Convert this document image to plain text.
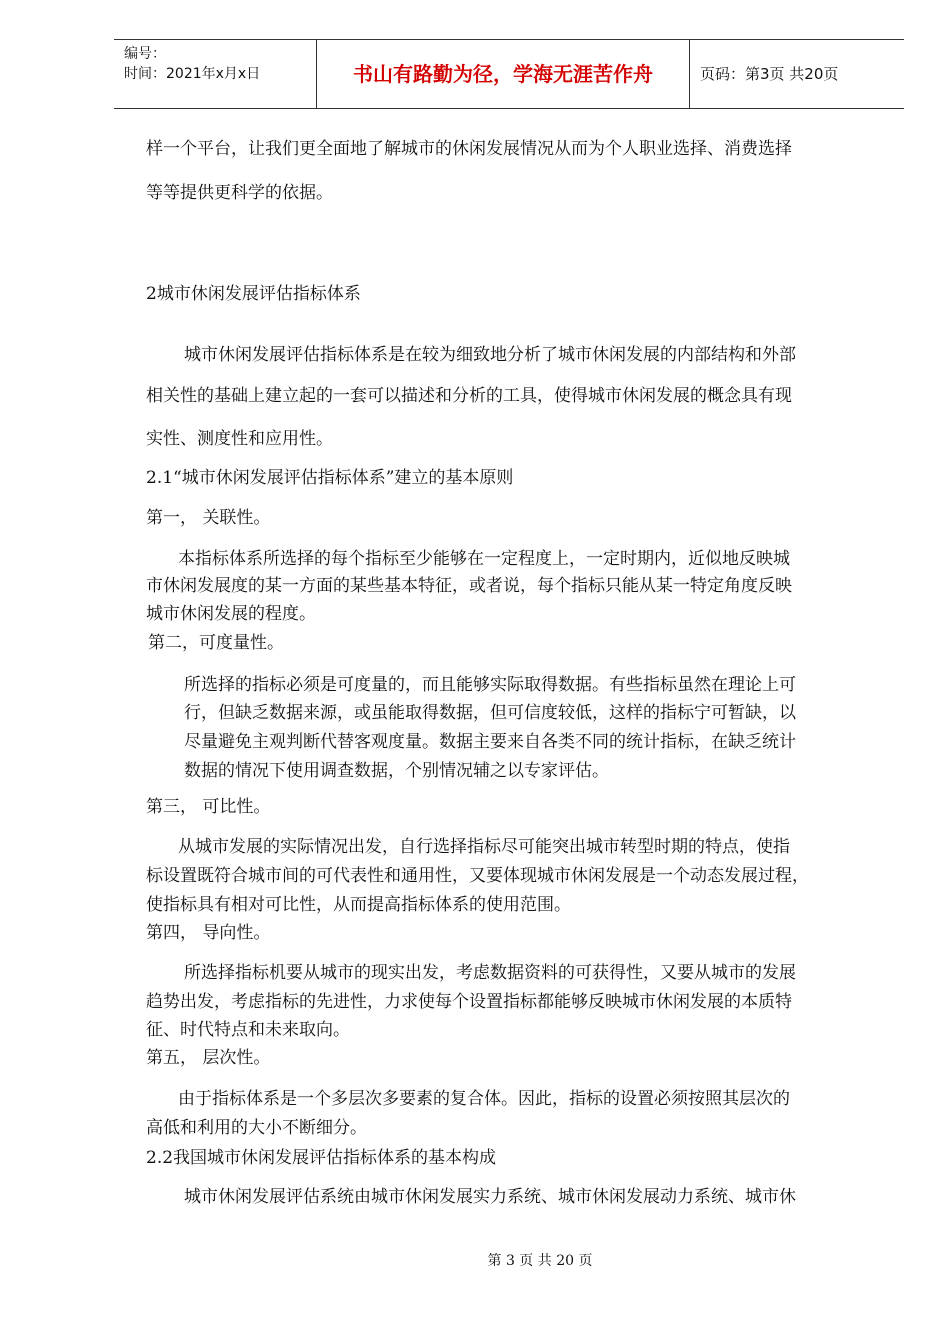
编号：
时间：2021年x月x日	书山有路勤为径，学海无涯苦作舟	页码：第3页 共20页
样一个平台，让我们更全面地了解城市的休闲发展情况从而为个人职业选择、消费选择
等等提供更科学的依据。
2城市休闲发展评估指标体系
城市休闲发展评估指标体系是在较为细致地分析了城市休闲发展的内部结构和外部
相关性的基础上建立起的一套可以描述和分析的工具，使得城市休闲发展的概念具有现
实性、测度性和应用性。
2.1“城市休闲发展评估指标体系”建立的基本原则
第一， 关联性。
本指标体系所选择的每个指标至少能够在一定程度上，一定时期内，近似地反映城
市休闲发展度的某一方面的某些基本特征，或者说，每个指标只能从某一特定角度反映
城市休闲发展的程度。
第二，可度量性。
所选择的指标必须是可度量的，而且能够实际取得数据。有些指标虽然在理论上可
行，但缺乏数据来源，或虽能取得数据，但可信度较低，这样的指标宁可暂缺，以
尽量避免主观判断代替客观度量。数据主要来自各类不同的统计指标，在缺乏统计
数据的情况下使用调查数据，个别情况辅之以专家评估。
第三， 可比性。
从城市发展的实际情况出发，自行选择指标尽可能突出城市转型时期的特点，使指
标设置既符合城市间的可代表性和通用性，又要体现城市休闲发展是一个动态发展过程，
使指标具有相对可比性，从而提高指标体系的使用范围。
第四， 导向性。
所选择指标机要从城市的现实出发，考虑数据资料的可获得性，又要从城市的发展
趋势出发，考虑指标的先进性，力求使每个设置指标都能够反映城市休闲发展的本质特
征、时代特点和未来取向。
第五， 层次性。
由于指标体系是一个多层次多要素的复合体。因此，指标的设置必须按照其层次的
高低和利用的大小不断细分。
2.2我国城市休闲发展评估指标体系的基本构成
城市休闲发展评估系统由城市休闲发展实力系统、城市休闲发展动力系统、城市休
第 3 页 共 20 页
